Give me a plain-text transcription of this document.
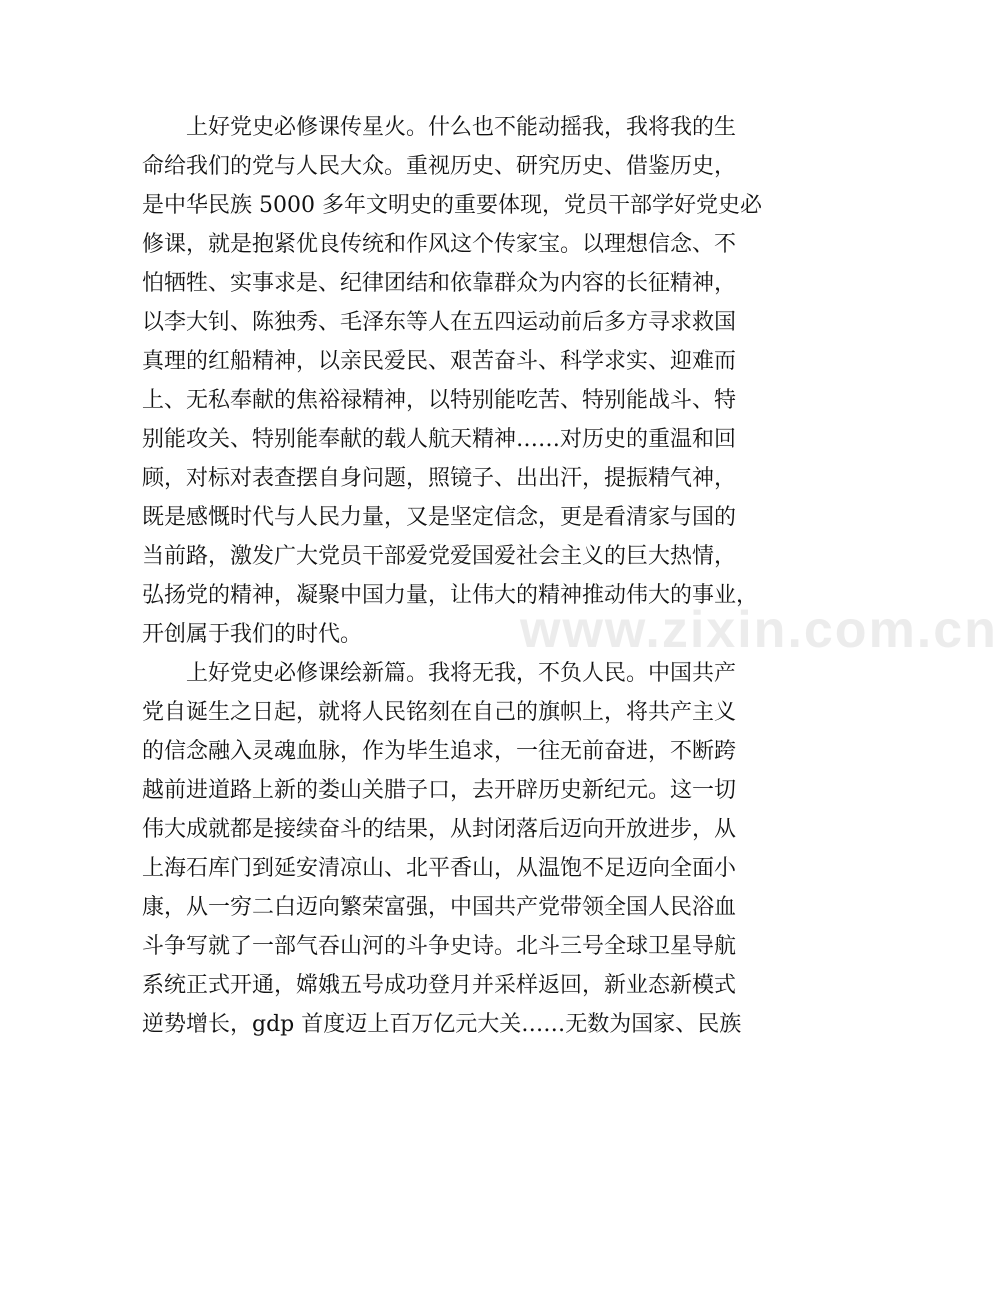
www.zixin.com.cn
上好党史必修课传星火。什么也不能动摇我，我将我的生
命给我们的党与人民大众。重视历史、研究历史、借鉴历史，
是中华民族 5000 多年文明史的重要体现，党员干部学好党史必
修课，就是抱紧优良传统和作风这个传家宝。以理想信念、不
怕牺牲、实事求是、纪律团结和依靠群众为内容的长征精神，
以李大钊、陈独秀、毛泽东等人在五四运动前后多方寻求救国
真理的红船精神，以亲民爱民、艰苦奋斗、科学求实、迎难而
上、无私奉献的焦裕禄精神，以特别能吃苦、特别能战斗、特
别能攻关、特别能奉献的载人航天精神……对历史的重温和回
顾，对标对表查摆自身问题，照镜子、出出汗，提振精气神，
既是感慨时代与人民力量，又是坚定信念，更是看清家与国的
当前路，激发广大党员干部爱党爱国爱社会主义的巨大热情，
弘扬党的精神，凝聚中国力量，让伟大的精神推动伟大的事业，
开创属于我们的时代。
上好党史必修课绘新篇。我将无我，不负人民。中国共产
党自诞生之日起，就将人民铭刻在自己的旗帜上，将共产主义
的信念融入灵魂血脉，作为毕生追求，一往无前奋进，不断跨
越前进道路上新的娄山关腊子口，去开辟历史新纪元。这一切
伟大成就都是接续奋斗的结果，从封闭落后迈向开放进步，从
上海石库门到延安清凉山、北平香山，从温饱不足迈向全面小
康，从一穷二白迈向繁荣富强，中国共产党带领全国人民浴血
斗争写就了一部气吞山河的斗争史诗。北斗三号全球卫星导航
系统正式开通，嫦娥五号成功登月并采样返回，新业态新模式
逆势增长，gdp 首度迈上百万亿元大关……无数为国家、民族
